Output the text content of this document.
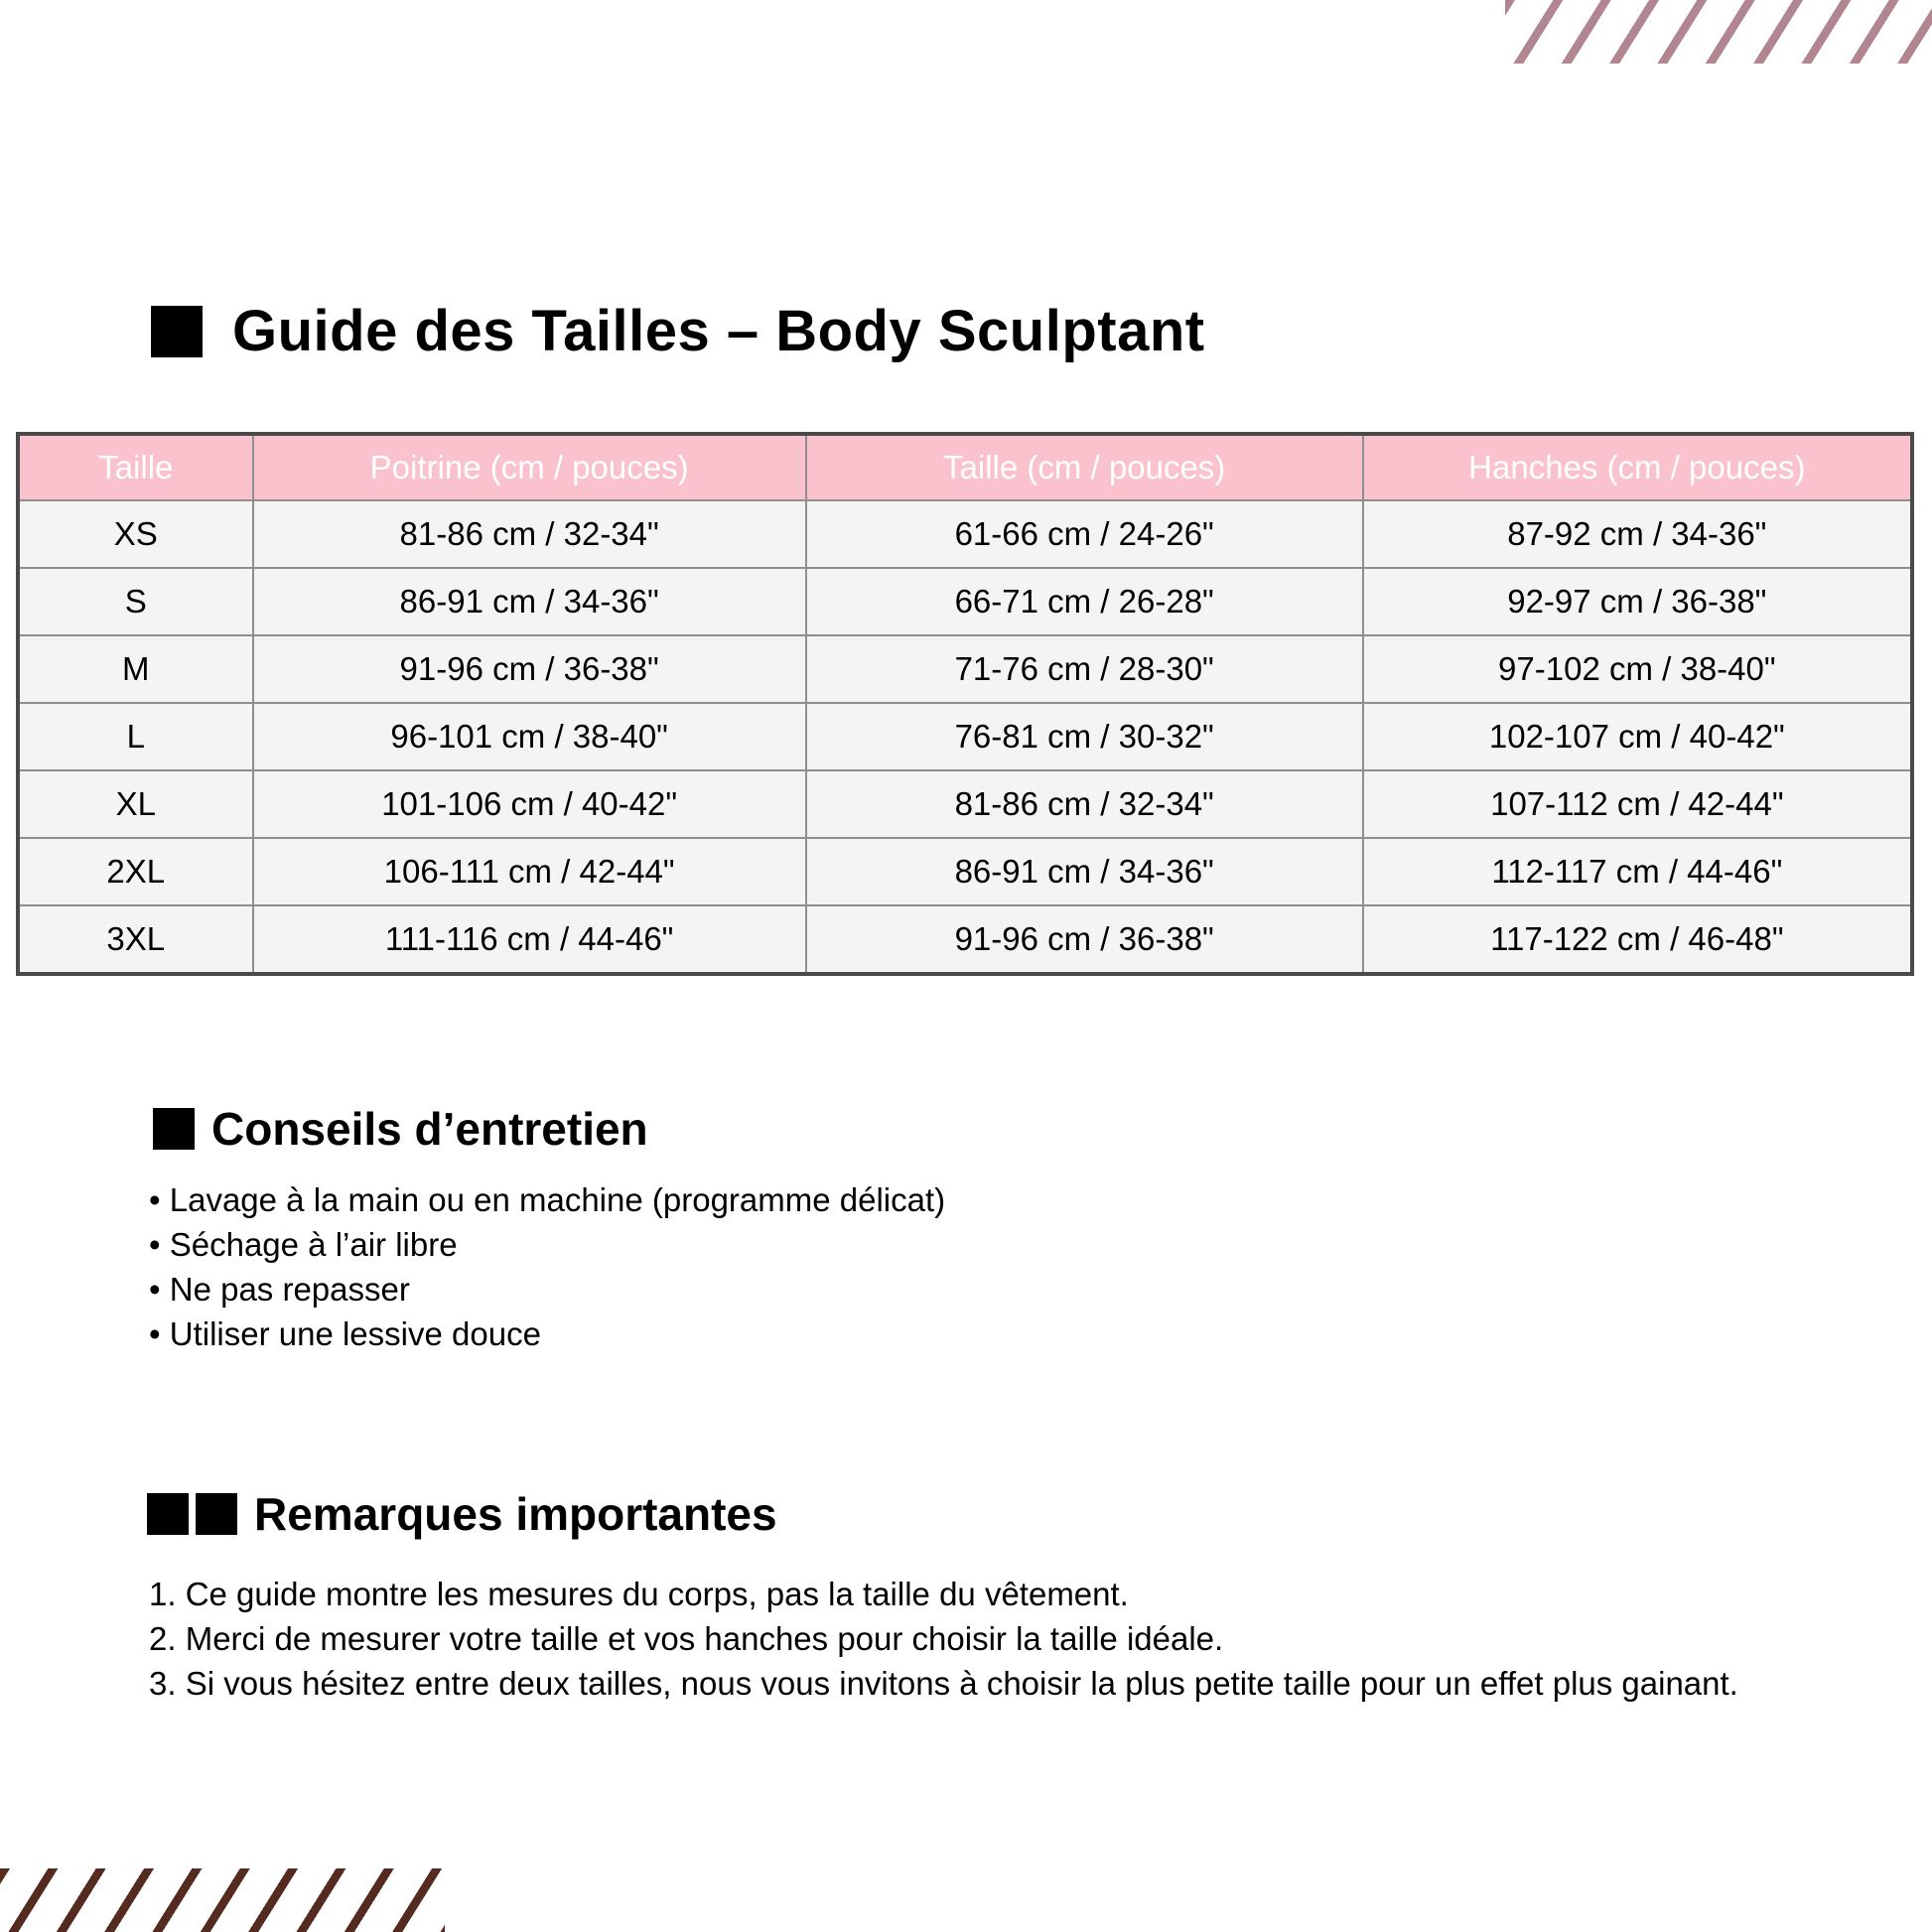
Guide des Tailles – Body Sculptant
Taille	Poitrine (cm / pouces)	Taille (cm / pouces)	Hanches (cm / pouces)
XS	81-86 cm / 32-34"	61-66 cm / 24-26"	87-92 cm / 34-36"
S	86-91 cm / 34-36"	66-71 cm / 26-28"	92-97 cm / 36-38"
M	91-96 cm / 36-38"	71-76 cm / 28-30"	97-102 cm / 38-40"
L	96-101 cm / 38-40"	76-81 cm / 30-32"	102-107 cm / 40-42"
XL	101-106 cm / 40-42"	81-86 cm / 32-34"	107-112 cm / 42-44"
2XL	106-111 cm / 42-44"	86-91 cm / 34-36"	112-117 cm / 44-46"
3XL	111-116 cm / 44-46"	91-96 cm / 36-38"	117-122 cm / 46-48"
Conseils d’entretien
• Lavage à la main ou en machine (programme délicat)
• Séchage à l’air libre
• Ne pas repasser
• Utiliser une lessive douce
Remarques importantes
Ce guide montre les mesures du corps, pas la taille du vêtement.
Merci de mesurer votre taille et vos hanches pour choisir la taille idéale.
Si vous hésitez entre deux tailles, nous vous invitons à choisir la plus petite taille pour un effet plus gainant.
